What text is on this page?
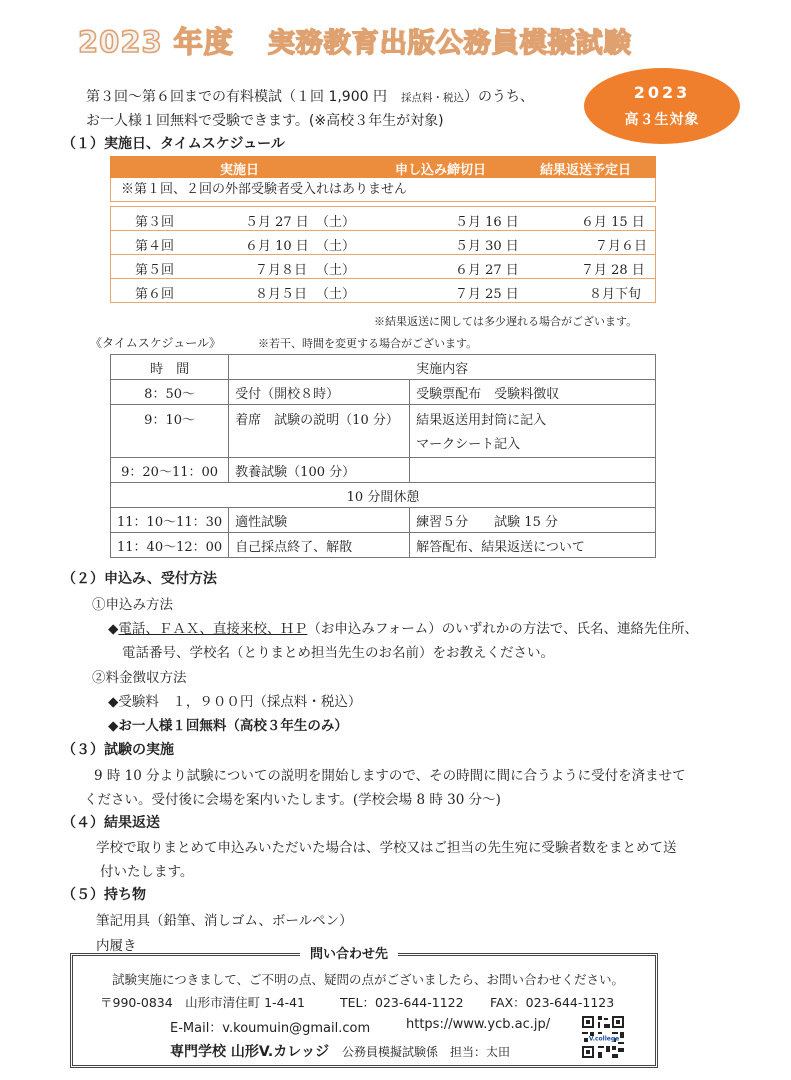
2023 年度 実務教育出版公務員模擬試験
第３回～第６回までの有料模試（１回 1,900 円　 採点料・税込）のうち、
お一人様１回無料で受験できます。(※高校３年生が対象)
2023
高３生対象
（１）実施日、タイムスケジュール
実施日	申し込み締切日	結果返送予定日
※第１回、２回の外部受験者受入れはありません
第３回	５月 27 日 （土）	５月 16 日	６月 15 日
第４回	６月 10 日 （土）	５月 30 日	７月６日
第５回	７月８日 （土）	６月 27 日	７月 28 日
第６回	８月５日 （土）	７月 25 日	８月下旬
※結果返送に関しては多少遅れる場合がございます。
《タイムスケジュール》	※若干、時間を変更する場合がございます。
時　間	実施内容	
8：50～	受付（開校８時）	受験票配布　受験料徴収
9：10～	着席　試験の説明（10 分）	結果返送用封筒に記入
マークシート記入

9：20～11：00	教養試験（100 分）	
10 分間休憩		
11：10～11：30	適性試験	練習５分　　試験 15 分
11：40～12：00	自己採点終了、解散	解答配布、結果返送について
（２）申込み、受付方法
①申込み方法
◆電話、ＦＡＸ、直接来校、ＨＰ（お申込みフォーム）のいずれかの方法で、氏名、連絡先住所、
電話番号、学校名（とりまとめ担当先生のお名前）をお教えください。
②料金徴収方法
◆受験料　１，９００円（採点料・税込）
◆お一人様１回無料（高校３年生のみ）
（３）試験の実施
9 時 10 分より試験についての説明を開始しますので、その時間に間に合うように受付を済ませて
ください。受付後に会場を案内いたします。(学校会場 8 時 30 分～)
（４）結果返送
学校で取りまとめて申込みいただいた場合は、学校又はご担当の先生宛に受験者数をまとめて送
付いたします。
（５）持ち物
筆記用具（鉛筆、消しゴム、ボールペン）
内履き
問い合わせ先
試験実施につきまして、ご不明の点、疑問の点がございましたら、お問い合わせください。
〒990-0834　山形市清住町 1-4-41	TEL：023-644-1122 FAX：023-644-1123
E-Mail：v.koumuin@gmail.com	https://www.ycb.ac.jp/
専門学校 山形V.カレッジ 公務員模擬試験係　担当：太田
V.college
